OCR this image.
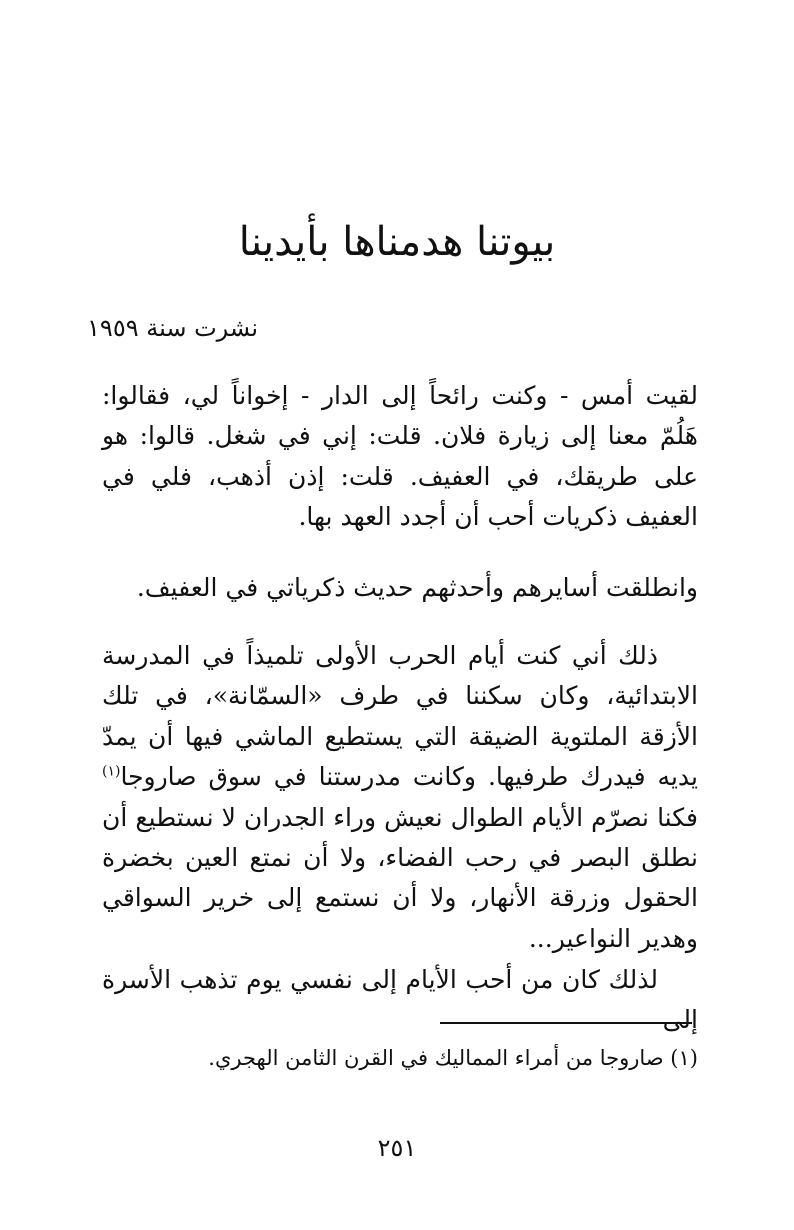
بيوتنا هدمناها بأيدينا
نشرت سنة ١٩٥٩

لقيت أمس - وكنت رائحاً إلى الدار - إخواناً لي، فقالوا: هَلُمّ معنا إلى زيارة فلان. قلت: إني في شغل. قالوا: هو على طريقك، في العفيف. قلت: إذن أذهب، فلي في العفيف ذكريات أحب أن أجدد العهد بها.

وانطلقت أسايرهم وأحدثهم حديث ذكرياتي في العفيف.

ذلك أني كنت أيام الحرب الأولى تلميذاً في المدرسة الابتدائية، وكان سكننا في طرف «السمّانة»، في تلك الأزقة الملتوية الضيقة التي يستطيع الماشي فيها أن يمدّ يديه فيدرك طرفيها. وكانت مدرستنا في سوق صاروجا$^{(١)}$ فكنا نصرّم الأيام الطوال نعيش وراء الجدران لا نستطيع أن نطلق البصر في رحب الفضاء، ولا أن نمتع العين بخضرة الحقول وزرقة الأنهار، ولا أن نستمع إلى خرير السواقي وهدير النواعير...

لذلك كان من أحب الأيام إلى نفسي يوم تذهب الأسرة إلى

(١) صاروجا من أمراء المماليك في القرن الثامن الهجري.

٢٥١
